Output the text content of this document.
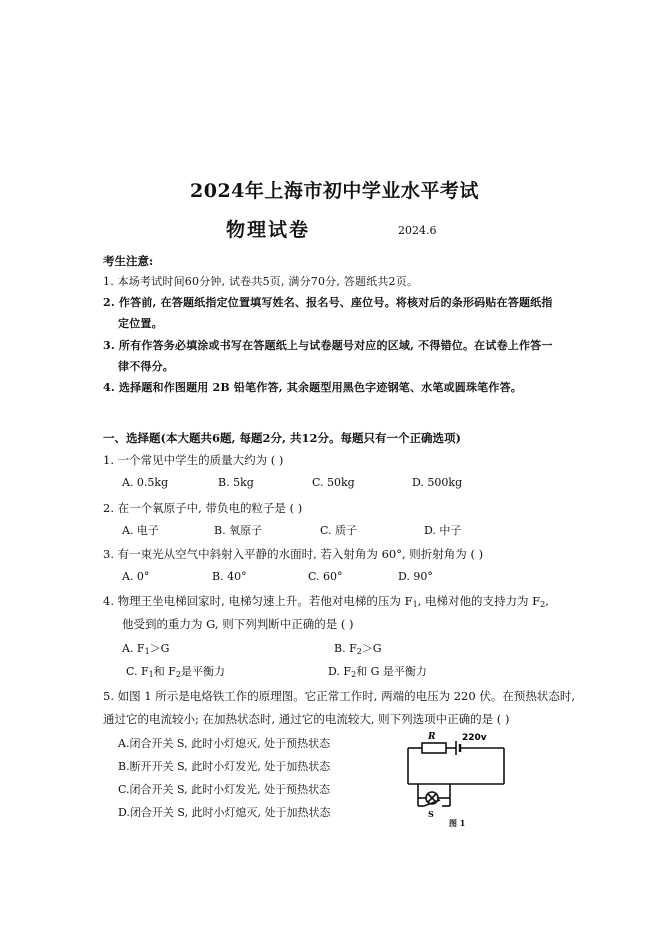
2024年上海市初中学业水平考试
物理试卷	2024.6
考生注意:
1. 本场考试时间60分钟, 试卷共5页, 满分70分, 答题纸共2页。
2. 作答前, 在答题纸指定位置填写姓名、报名号、座位号。将核对后的条形码贴在答题纸指
定位置。
3. 所有作答务必填涂或书写在答题纸上与试卷题号对应的区域, 不得错位。在试卷上作答一
律不得分。
4. 选择题和作图题用 2B 铅笔作答, 其余题型用黑色字迹钢笔、水笔或圆珠笔作答。
一、选择题(本大题共6题, 每题2分, 共12分。每题只有一个正确选项)
1. 一个常见中学生的质量大约为 ( )
A. 0.5kg	B. 5kg	C. 50kg	D. 500kg
2. 在一个氧原子中, 带负电的粒子是 ( )
A. 电子	B. 氧原子	C. 质子	D. 中子
3. 有一束光从空气中斜射入平静的水面时, 若入射角为 60°, 则折射角为 ( )
A. 0°	B. 40°	C. 60°	D. 90°
4. 物理王坐电梯回家时, 电梯匀速上升。若他对电梯的压为 $F_1$, 电梯对他的支持力为 $F_2$,
他受到的重力为 G, 则下列判断中正确的是 ( )
A. $F_1>G$	B. $F_2>G$
C. $F_1$和 $F_2$是平衡力	D. $F_2$和 G 是平衡力
5. 如图 1 所示是电烙铁工作的原理图。它正常工作时, 两端的电压为 220 伏。在预热状态时,
通过它的电流较小; 在加热状态时, 通过它的电流较大, 则下列选项中正确的是 ( )
A.闭合开关 S, 此时小灯熄灭, 处于预热状态
B.断开开关 S, 此时小灯发光, 处于加热状态
C.闭合开关 S, 此时小灯发光, 处于预热状态
D.闭合开关 S, 此时小灯熄灭, 处于加热状态
R	220v
S
图 1
